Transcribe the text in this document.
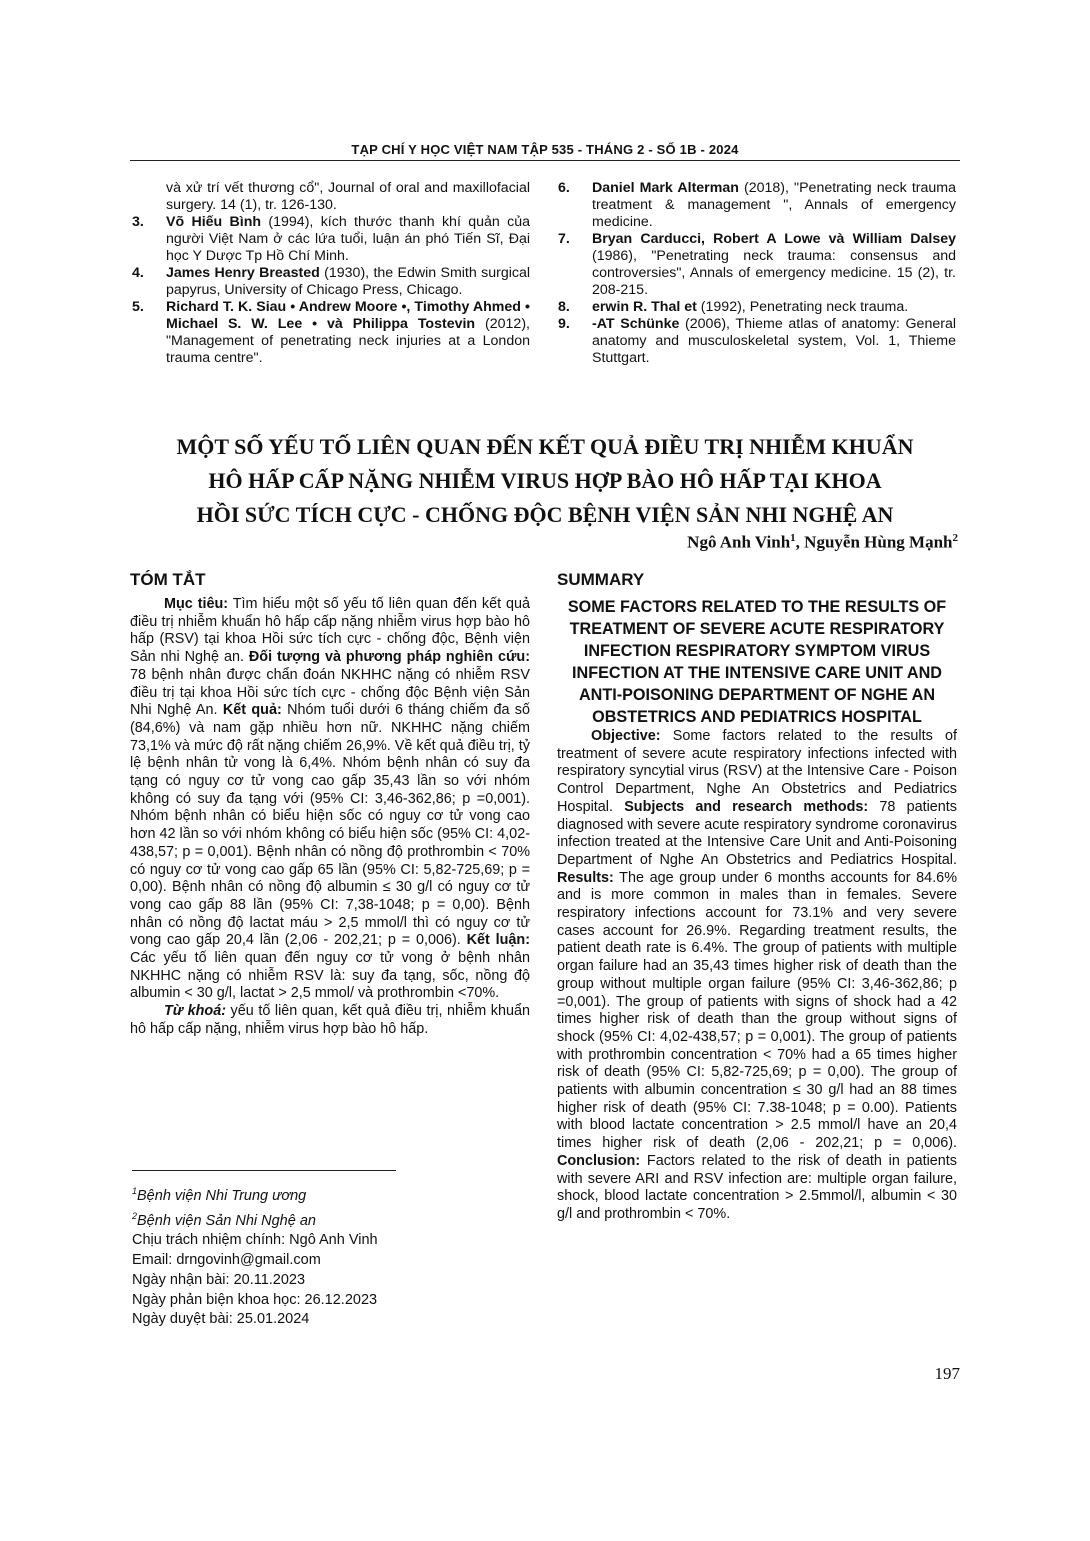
TẠP CHÍ Y HỌC VIỆT NAM TẬP 535 - THÁNG 2 - SỐ 1B - 2024
và xử trí vết thương cổ", Journal of oral and maxillofacial surgery. 14 (1), tr. 126-130.
3. Võ Hiếu Bình (1994), kích thước thanh khí quản của người Việt Nam ở các lứa tuổi, luận án phó Tiến Sĩ, Đại học Y Dược Tp Hồ Chí Minh.
4. James Henry Breasted (1930), the Edwin Smith surgical papyrus, University of Chicago Press, Chicago.
5. Richard T. K. Siau • Andrew Moore •, Timothy Ahmed • Michael S. W. Lee • và Philippa Tostevin (2012), "Management of penetrating neck injuries at a London trauma centre".
6. Daniel Mark Alterman (2018), "Penetrating neck trauma treatment & management ", Annals of emergency medicine.
7. Bryan Carducci, Robert A Lowe và William Dalsey (1986), "Penetrating neck trauma: consensus and controversies", Annals of emergency medicine. 15 (2), tr. 208-215.
8. erwin R. Thal et (1992), Penetrating neck trauma.
9. -AT Schünke (2006), Thieme atlas of anatomy: General anatomy and musculoskeletal system, Vol. 1, Thieme Stuttgart.
MỘT SỐ YẾU TỐ LIÊN QUAN ĐẾN KẾT QUẢ ĐIỀU TRỊ NHIỄM KHUẨN
HÔ HẤP CẤP NẶNG NHIỄM VIRUS HỢP BÀO HÔ HẤP TẠI KHOA
HỒI SỨC TÍCH CỰC - CHỐNG ĐỘC BỆNH VIỆN SẢN NHI NGHỆ AN
Ngô Anh Vinh$^1$, Nguyễn Hùng Mạnh$^2$
TÓM TẮT

Mục tiêu: Tìm hiểu một số yếu tố liên quan đến kết quả điều trị nhiễm khuẩn hô hấp cấp nặng nhiễm virus hợp bào hô hấp (RSV) tại khoa Hồi sức tích cực - chống độc, Bệnh viện Sản nhi Nghệ an. Đối tượng và phương pháp nghiên cứu: 78 bệnh nhân được chẩn đoán NKHHC nặng có nhiễm RSV điều trị tại khoa Hồi sức tích cực - chống độc Bệnh viện Sản Nhi Nghệ An. Kết quả: Nhóm tuổi dưới 6 tháng chiếm đa số (84,6%) và nam gặp nhiều hơn nữ. NKHHC nặng chiếm 73,1% và mức độ rất nặng chiếm 26,9%. Về kết quả điều trị, tỷ lệ bệnh nhân tử vong là 6,4%. Nhóm bệnh nhân có suy đa tạng có nguy cơ tử vong cao gấp 35,43 lần so với nhóm không có suy đa tạng với (95% CI: 3,46-362,86; p =0,001). Nhóm bệnh nhân có biểu hiện sốc có nguy cơ tử vong cao hơn 42 lần so với nhóm không có biểu hiện sốc (95% CI: 4,02-438,57; p = 0,001). Bệnh nhân có nồng độ prothrombin < 70% có nguy cơ tử vong cao gấp 65 lần (95% CI: 5,82-725,69; p = 0,00). Bệnh nhân có nồng độ albumin ≤ 30 g/l có nguy cơ tử vong cao gấp 88 lần (95% CI: 7,38-1048; p = 0,00). Bệnh nhân có nồng độ lactat máu > 2,5 mmol/l thì có nguy cơ tử vong cao gấp 20,4 lần (2,06 - 202,21; p = 0,006). Kết luận: Các yếu tố liên quan đến nguy cơ tử vong ở bệnh nhân NKHHC nặng có nhiễm RSV là: suy đa tạng, sốc, nồng độ albumin < 30 g/l, lactat > 2,5 mmol/ và prothrombin <70%.

Từ khoá: yếu tố liên quan, kết quả điều trị, nhiễm khuẩn hô hấp cấp nặng, nhiễm virus hợp bào hô hấp.

SUMMARY

SOME FACTORS RELATED TO THE RESULTS OF TREATMENT OF SEVERE ACUTE RESPIRATORY INFECTION RESPIRATORY SYMPTOM VIRUS INFECTION AT THE INTENSIVE CARE UNIT AND ANTI-POISONING DEPARTMENT OF NGHE AN OBSTETRICS AND PEDIATRICS HOSPITAL

Objective: Some factors related to the results of treatment of severe acute respiratory infections infected with respiratory syncytial virus (RSV) at the Intensive Care - Poison Control Department, Nghe An Obstetrics and Pediatrics Hospital. Subjects and research methods: 78 patients diagnosed with severe acute respiratory syndrome coronavirus infection treated at the Intensive Care Unit and Anti-Poisoning Department of Nghe An Obstetrics and Pediatrics Hospital. Results: The age group under 6 months accounts for 84.6% and is more common in males than in females. Severe respiratory infections account for 73.1% and very severe cases account for 26.9%. Regarding treatment results, the patient death rate is 6.4%. The group of patients with multiple organ failure had an 35,43 times higher risk of death than the group without multiple organ failure (95% CI: 3,46-362,86; p =0,001). The group of patients with signs of shock had a 42 times higher risk of death than the group without signs of shock (95% CI: 4,02-438,57; p = 0,001). The group of patients with prothrombin concentration < 70% had a 65 times higher risk of death (95% CI: 5,82-725,69; p = 0,00). The group of patients with albumin concentration ≤ 30 g/l had an 88 times higher risk of death (95% CI: 7.38-1048; p = 0.00). Patients with blood lactate concentration > 2.5 mmol/l have an 20,4 times higher risk of death (2,06 - 202,21; p = 0,006). Conclusion: Factors related to the risk of death in patients with severe ARI and RSV infection are: multiple organ failure, shock, blood lactate concentration > 2.5mmol/l, albumin < 30 g/l and prothrombin < 70%.

$^1$Bệnh viện Nhi Trung ương
$^2$Bệnh viện Sản Nhi Nghệ an
Chịu trách nhiệm chính: Ngô Anh Vinh
Email: drngovinh@gmail.com
Ngày nhận bài: 20.11.2023
Ngày phản biện khoa học: 26.12.2023
Ngày duyệt bài: 25.01.2024
197
